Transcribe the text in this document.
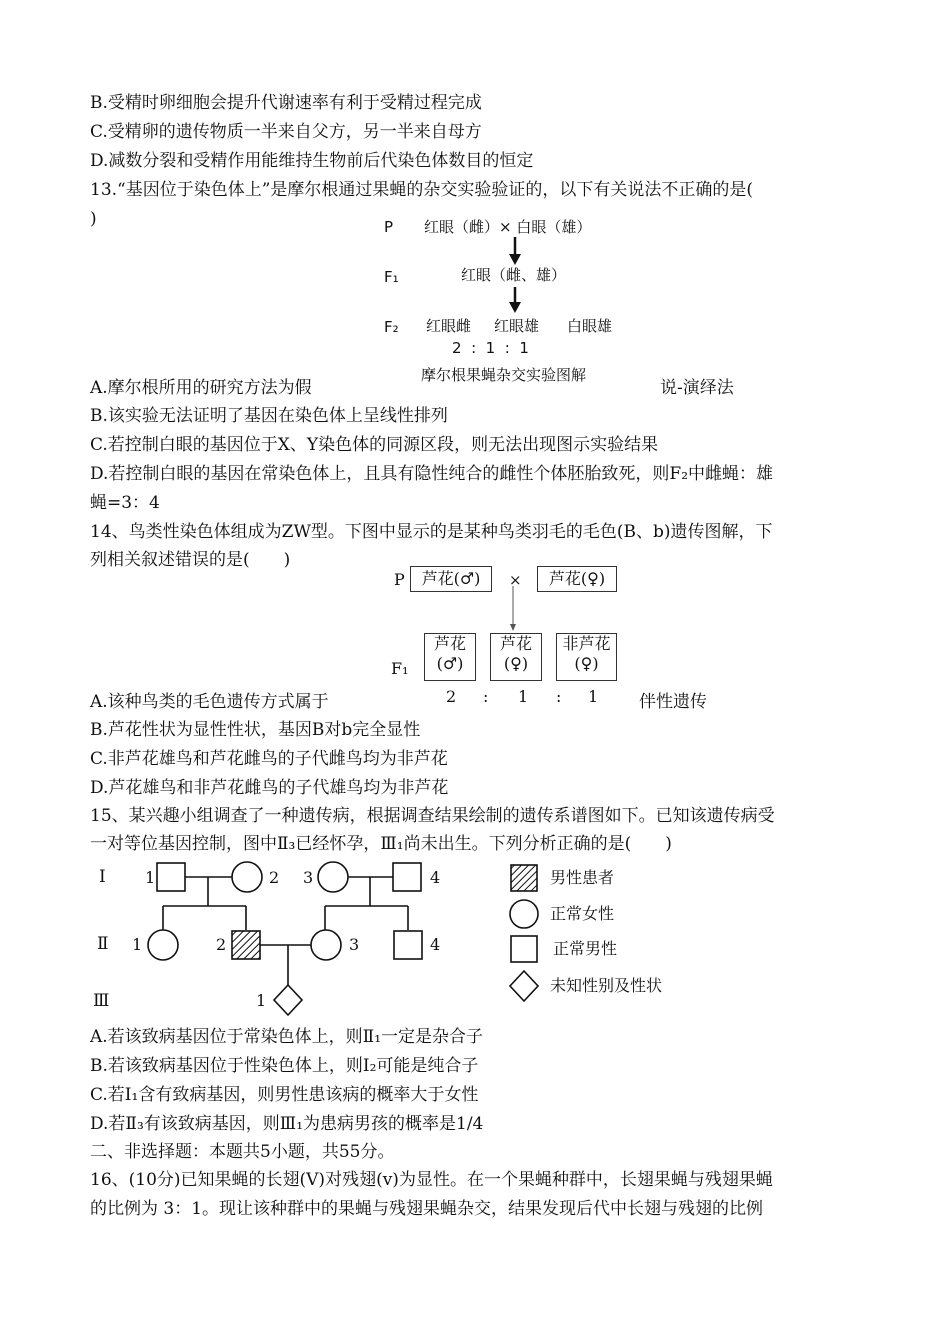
B.受精时卵细胞会提升代谢速率有利于受精过程完成
C.受精卵的遗传物质一半来自父方，另一半来自母方
D.减数分裂和受精作用能维持生物前后代染色体数目的恒定
13.“基因位于染色体上”是摩尔根通过果蝇的杂交实验验证的，以下有关说法不正确的是(
)	P 红眼（雌）× 白眼（雄）
F₁	红眼（雌、雄）
F₂ 红眼雌 红眼雄 白眼雄
2  :  1  :  1
摩尔根果蝇杂交实验图解
A.摩尔根所用的研究方法为假	说-演绎法
B.该实验无法证明了基因在染色体上呈线性排列
C.若控制白眼的基因位于X、Y染色体的同源区段，则无法出现图示实验结果
D.若控制白眼的基因在常染色体上，且具有隐性纯合的雌性个体胚胎致死，则F₂中雌蝇：雄
蝇=3：4
14、鸟类性染色体组成为ZW型。下图中显示的是某种鸟类羽毛的毛色(B、b)遗传图解，下
列相关叙述错误的是(　　)
P	芦花(♂)	×	芦花(♀)
F₁
芦花
(♂)
芦花
(♀)
非芦花
(♀)
2 : 1 : 1
A.该种鸟类的毛色遗传方式属于	伴性遗传
B.芦花性状为显性性状，基因B对b完全显性
C.非芦花雄鸟和芦花雌鸟的子代雌鸟均为非芦花
D.芦花雄鸟和非芦花雌鸟的子代雄鸟均为非芦花
15、某兴趣小组调查了一种遗传病，根据调查结果绘制的遗传系谱图如下。已知该遗传病受
一对等位基因控制，图中Ⅱ₃已经怀孕，Ⅲ₁尚未出生。下列分析正确的是(　　)
Ⅰ
Ⅱ
Ⅲ
1	2 3	4
1	2	3	4
1
男性患者
正常女性
正常男性
未知性别及性状
A.若该致病基因位于常染色体上，则Ⅱ₁一定是杂合子
B.若该致病基因位于性染色体上，则I₂可能是纯合子
C.若Ⅰ₁含有致病基因，则男性患该病的概率大于女性
D.若Ⅱ₃有该致病基因，则Ⅲ₁为患病男孩的概率是1/4
二、非选择题：本题共5小题，共55分。
16、(10分)已知果蝇的长翅(V)对残翅(v)为显性。在一个果蝇种群中，长翅果蝇与残翅果蝇
的比例为 3：1。现让该种群中的果蝇与残翅果蝇杂交，结果发现后代中长翅与残翅的比例
